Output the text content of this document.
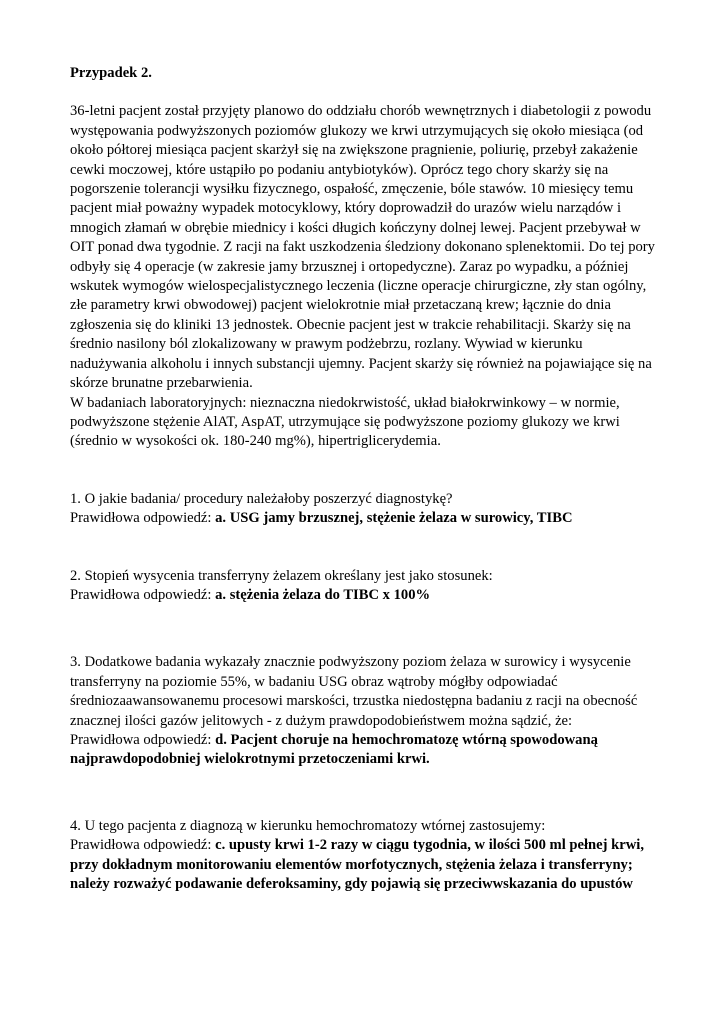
Przypadek 2.
36-letni pacjent został przyjęty planowo do oddziału chorób wewnętrznych i diabetologii z powodu
występowania podwyższonych poziomów glukozy we krwi utrzymujących się około miesiąca (od
około półtorej miesiąca pacjent skarżył się na zwiększone pragnienie, poliurię, przebył zakażenie
cewki moczowej, które ustąpiło po podaniu antybiotyków). Oprócz tego chory skarży się na
pogorszenie tolerancji wysiłku fizycznego, ospałość, zmęczenie, bóle stawów. 10 miesięcy temu
pacjent miał poważny wypadek motocyklowy, który doprowadził do urazów wielu narządów i
mnogich złamań w obrębie miednicy i kości długich kończyny dolnej lewej. Pacjent przebywał w
OIT ponad dwa tygodnie. Z racji na fakt uszkodzenia śledziony dokonano splenektomii. Do tej pory
odbyły się 4 operacje (w zakresie jamy brzusznej i ortopedyczne). Zaraz po wypadku, a później
wskutek wymogów wielospecjalistycznego leczenia (liczne operacje chirurgiczne, zły stan ogólny,
złe parametry krwi obwodowej) pacjent wielokrotnie miał przetaczaną krew; łącznie do dnia
zgłoszenia się do kliniki 13 jednostek. Obecnie pacjent jest w trakcie rehabilitacji. Skarży się na
średnio nasilony ból zlokalizowany w prawym podżebrzu, rozlany. Wywiad w kierunku
nadużywania alkoholu i innych substancji ujemny. Pacjent skarży się również na pojawiające się na
skórze brunatne przebarwienia.
W badaniach laboratoryjnych: nieznaczna niedokrwistość, układ białokrwinkowy – w normie,
podwyższone stężenie AlAT, AspAT, utrzymujące się podwyższone poziomy glukozy we krwi
(średnio w wysokości ok. 180-240 mg%), hipertriglicerydemia.
1. O jakie badania/ procedury należałoby poszerzyć diagnostykę?
Prawidłowa odpowiedź: a. USG jamy brzusznej, stężenie żelaza w surowicy, TIBC
2. Stopień wysycenia transferryny żelazem określany jest jako stosunek:
Prawidłowa odpowiedź: a. stężenia żelaza do TIBC x 100%
3. Dodatkowe badania wykazały znacznie podwyższony poziom żelaza w surowicy i wysycenie
transferryny na poziomie 55%, w badaniu USG obraz wątroby mógłby odpowiadać
średniozaawansowanemu procesowi marskości, trzustka niedostępna badaniu z racji na obecność
znacznej ilości gazów jelitowych - z dużym prawdopodobieństwem można sądzić, że:
Prawidłowa odpowiedź: d. Pacjent choruje na hemochromatozę wtórną spowodowaną
najprawdopodobniej wielokrotnymi przetoczeniami krwi.
4. U tego pacjenta z diagnozą w kierunku hemochromatozy wtórnej zastosujemy:
Prawidłowa odpowiedź: c. upusty krwi 1-2 razy w ciągu tygodnia, w ilości 500 ml pełnej krwi,
przy dokładnym monitorowaniu elementów morfotycznych, stężenia żelaza i transferryny;
należy rozważyć podawanie deferoksaminy, gdy pojawią się przeciwwskazania do upustów
